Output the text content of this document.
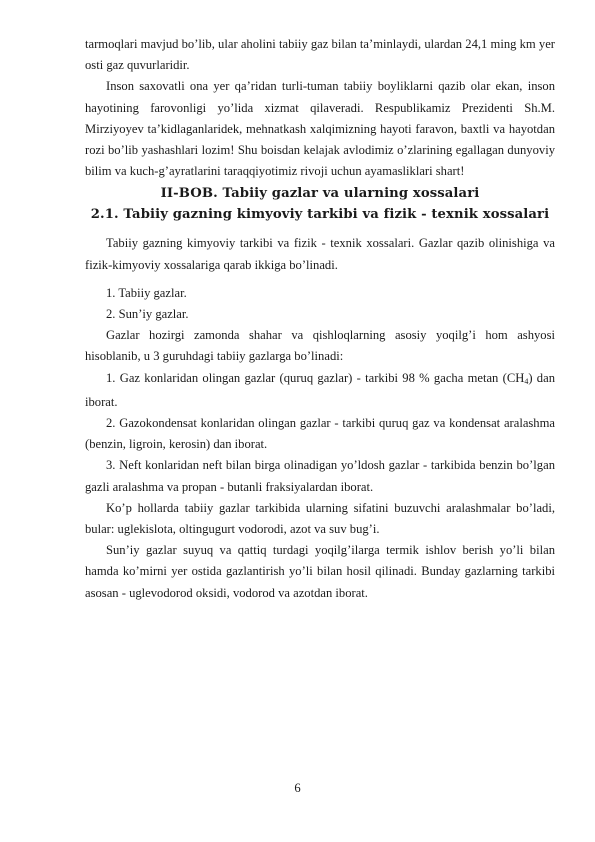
tarmoqlari mavjud bo’lib, ular aholini tabiiy gaz bilan ta’minlaydi, ulardan 24,1 ming km yer osti gaz quvurlaridir.

Inson saxovatli ona yer qa’ridan turli-tuman tabiiy boyliklarni qazib olar ekan, inson hayotining farovonligi yo’lida xizmat qilaveradi. Respublikamiz Prezidenti Sh.M. Mirziyoyev ta’kidlaganlaridek, mehnatkash xalqimizning hayoti faravon, baxtli va hayotdan rozi bo’lib yashashlari lozim! Shu boisdan kelajak avlodimiz o’zlarining egallagan dunyoviy bilim va kuch-g’ayratlarini taraqqiyotimiz rivoji uchun ayamasliklari shart!

II-BOB. Tabiiy gazlar va ularning xossalari
2.1. Tabiiy gazning kimyoviy tarkibi va fizik - texnik xossalari

Tabiiy gazning kimyoviy tarkibi va fizik - texnik xossalari. Gazlar qazib olinishiga va fizik-kimyoviy xossalariga qarab ikkiga bo’linadi.

1. Tabiiy gazlar.

2. Sun’iy gazlar.

Gazlar hozirgi zamonda shahar va qishloqlarning asosiy yoqilg’i hom ashyosi hisoblanib, u 3 guruhdagi tabiiy gazlarga bo’linadi:

1. Gaz konlaridan olingan gazlar (quruq gazlar) - tarkibi 98 % gacha metan $(CH_4)$ dan iborat.

2. Gazokondensat konlaridan olingan gazlar - tarkibi quruq gaz va kondensat aralashma (benzin, ligroin, kerosin) dan iborat.

3. Neft konlaridan neft bilan birga olinadigan yo’ldosh gazlar - tarkibida benzin bo’lgan gazli aralashma va propan - butanli fraksiyalardan iborat.

Ko’p hollarda tabiiy gazlar tarkibida ularning sifatini buzuvchi aralashmalar bo’ladi, bular: uglekislota, oltingugurt vodorodi, azot va suv bug’i.

Sun’iy gazlar suyuq va qattiq turdagi yoqilg’ilarga termik ishlov berish yo’li bilan hamda ko’mirni yer ostida gazlantirish yo’li bilan hosil qilinadi. Bunday gazlarning tarkibi asosan - uglevodorod oksidi, vodorod va azotdan iborat.

6
